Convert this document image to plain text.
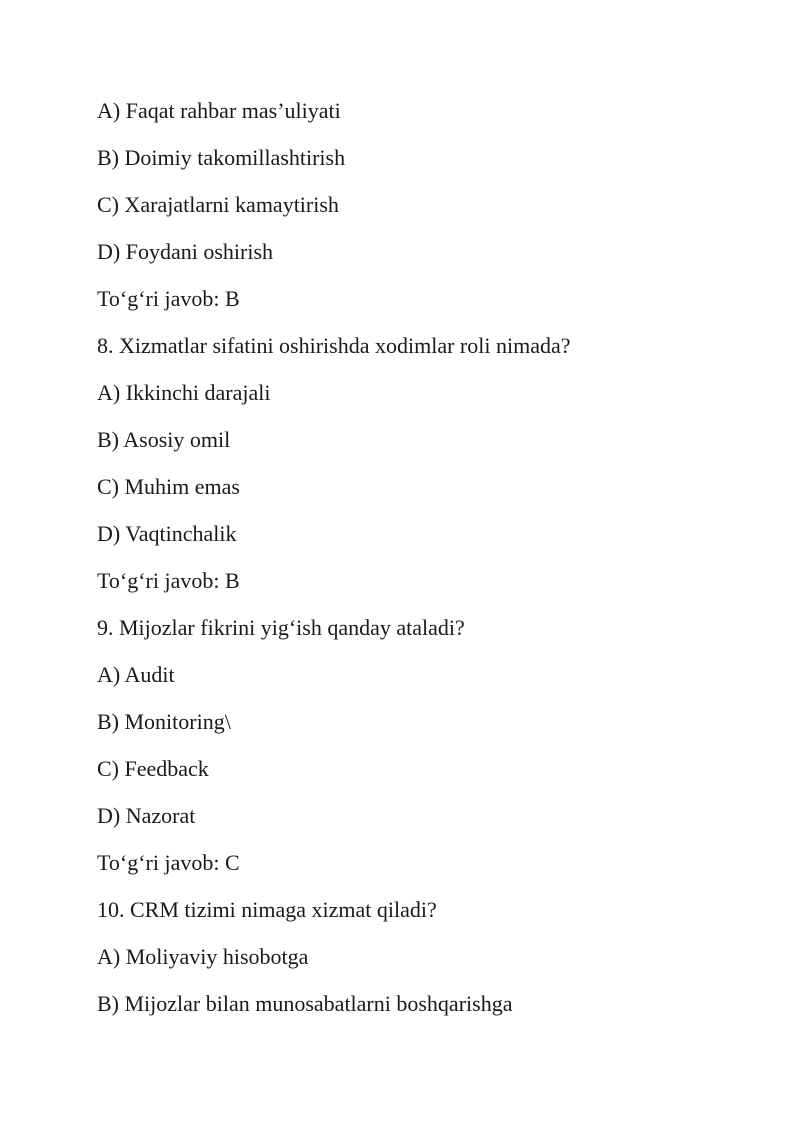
A) Faqat rahbar mas’uliyati
B) Doimiy takomillashtirish
C) Xarajatlarni kamaytirish
D) Foydani oshirish
To‘g‘ri javob: B
8. Xizmatlar sifatini oshirishda xodimlar roli nimada?
A) Ikkinchi darajali
B) Asosiy omil
C) Muhim emas
D) Vaqtinchalik
To‘g‘ri javob: B
9. Mijozlar fikrini yig‘ish qanday ataladi?
A) Audit
B) Monitoring\
C) Feedback
D) Nazorat
To‘g‘ri javob: C
10. CRM tizimi nimaga xizmat qiladi?
A) Moliyaviy hisobotga
B) Mijozlar bilan munosabatlarni boshqarishga
